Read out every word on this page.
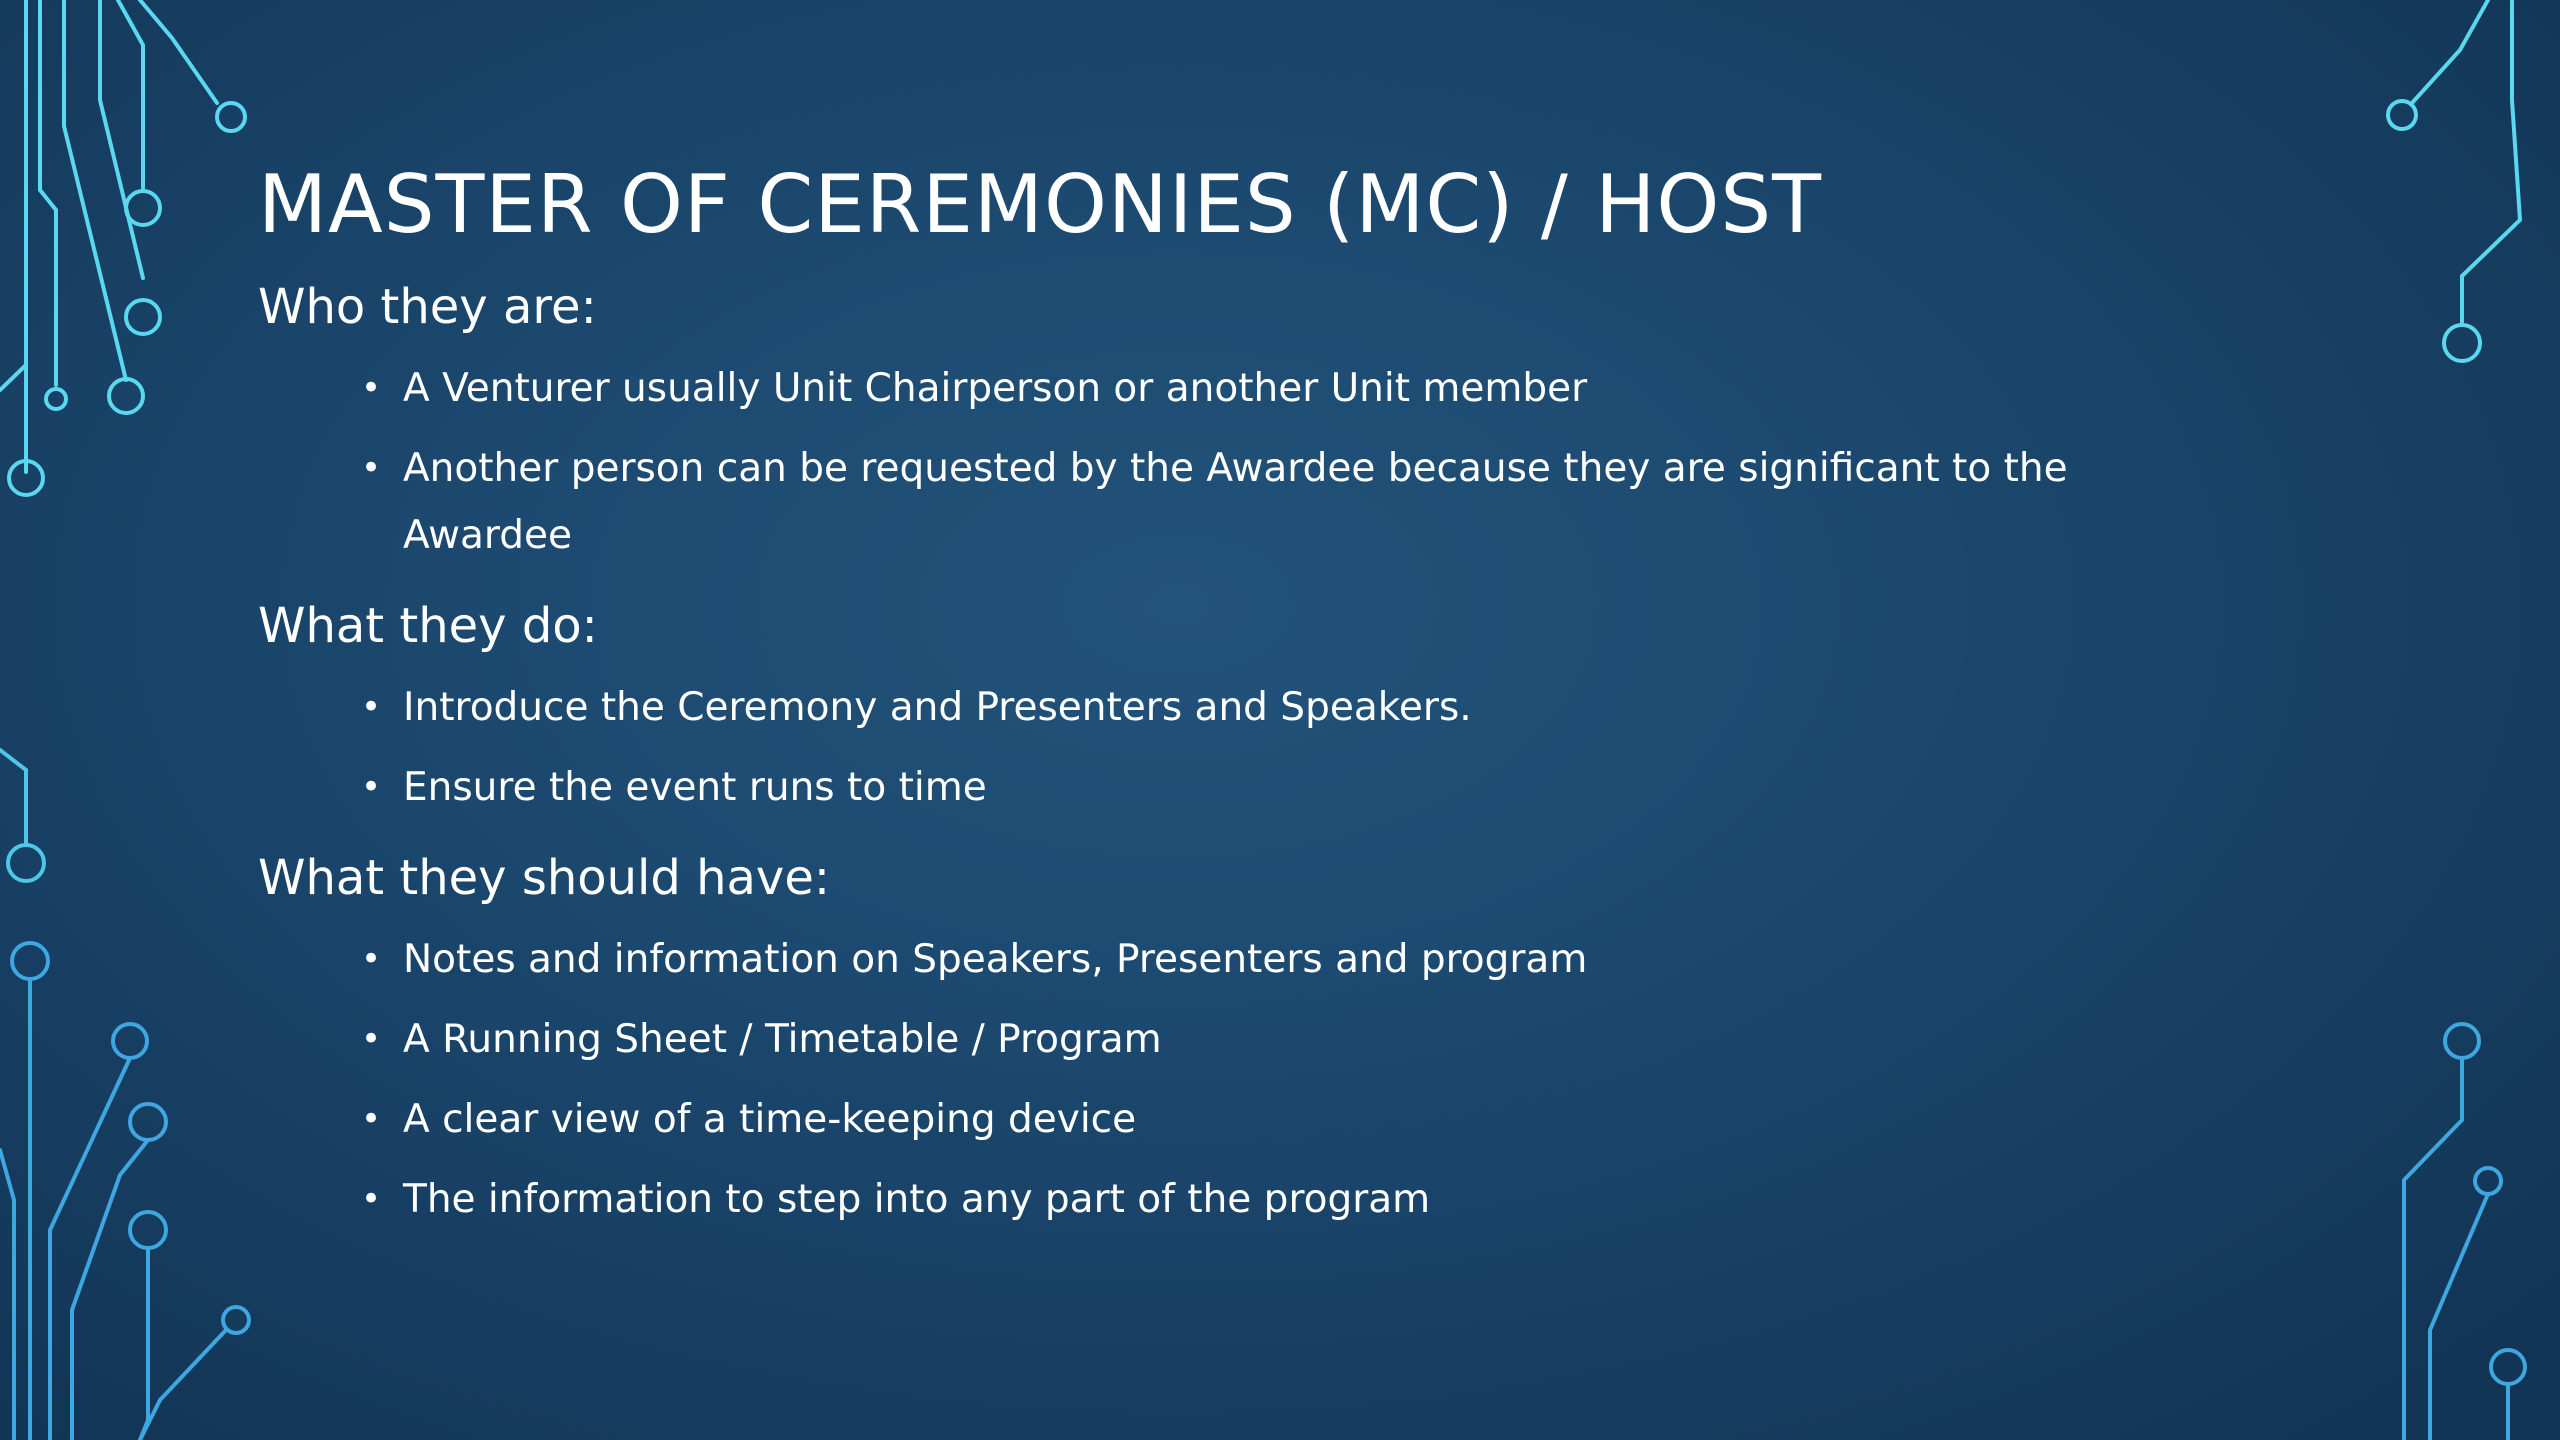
MASTER OF CEREMONIES (MC) / HOST
Who they are:
• A Venturer usually Unit Chairperson or another Unit member
• Another person can be requested by the Awardee because they are significant to the Awardee
What they do:
• Introduce the Ceremony and Presenters and Speakers.
• Ensure the event runs to time
What they should have:
• Notes and information on Speakers, Presenters and program
• A Running Sheet / Timetable / Program
• A clear view of a time-keeping device
• The information to step into any part of the program
